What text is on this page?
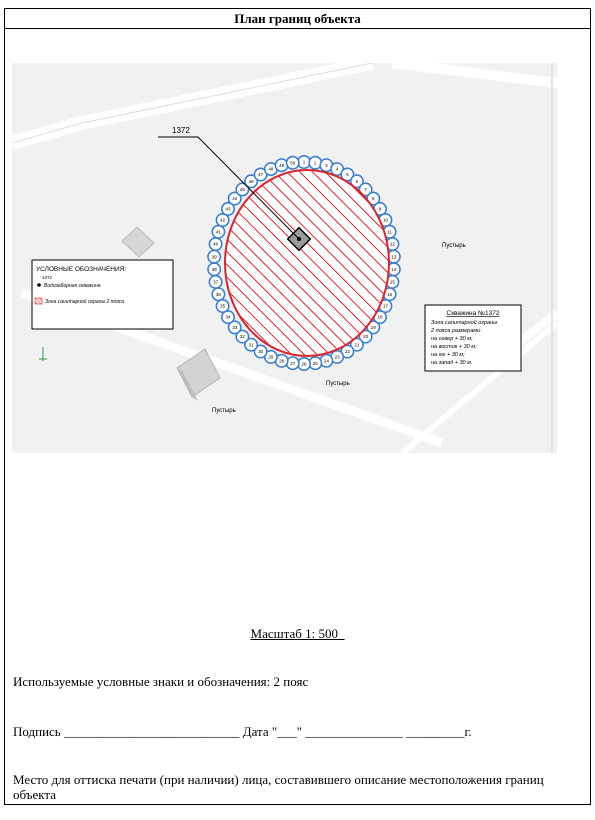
План границ объекта
1 2 3
4
5
6
7
8
9
10
11
12
13
14
15
16
17
18
19
20
21
22
23
24
25
26
27
28
29
30
31
32
33
34
35
36
37
38
39
40
41
42
43
44
45
46
47
48
49 50
1372
УСЛОВНЫЕ ОБОЗНАЧЕНИЯ:
1372
Водозаборная скважина
Зона санитарной охраны 2 пояса
Скважина №1372
Зона санитарной охраны
2 пояса размерами:
на север + 30 м;
на восток + 30 м;
на юг + 30 м;
на запад + 30 м.
Пустырь
Пустырь
Пустырь
Масштаб 1: 500_
Используемые условные знаки и обозначения: 2 пояс
Подпись ___________________________ Дата "___" _______________ _________г.
Место для оттиска печати (при наличии) лица, составившего описание местоположения границ объекта
